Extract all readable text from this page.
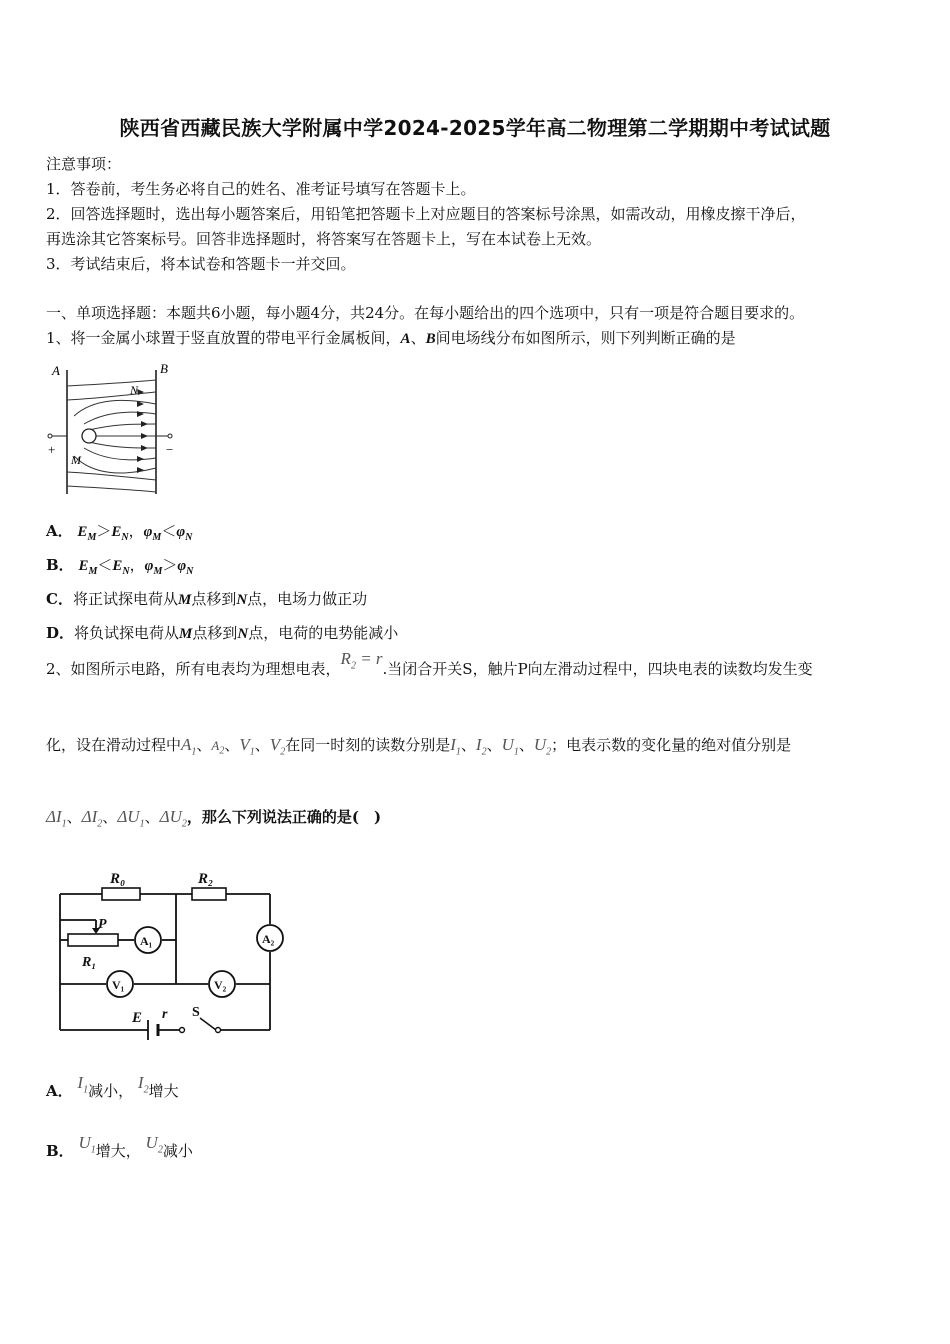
陕西省西藏民族大学附属中学2024-2025学年高二物理第二学期期中考试试题
注意事项：
1．答卷前，考生务必将自己的姓名、准考证号填写在答题卡上。
2．回答选择题时，选出每小题答案后，用铅笔把答题卡上对应题目的答案标号涂黑，如需改动，用橡皮擦干净后，
再选涂其它答案标号。回答非选择题时，将答案写在答题卡上，写在本试卷上无效。
3．考试结束后，将本试卷和答题卡一并交回。
一、单项选择题：本题共6小题，每小题4分，共24分。在每小题给出的四个选项中，只有一项是符合题目要求的。
1、将一金属小球置于竖直放置的带电平行金属板间，A、B间电场线分布如图所示，则下列判断正确的是
A	B
N
M
+	−
A． $E_M>E_N$，$\varphi_M<\varphi_N$
B． $E_M<E_N$，$\varphi_M>\varphi_N$
C．将正试探电荷从M点移到N点，电场力做正功
D．将负试探电荷从M点移到N点，电荷的电势能减小
2、如图所示电路，所有电表均为理想电表，$R_2 = r$.当闭合开关S，触片P向左滑动过程中，四块电表的读数均发生变
化，设在滑动过程中$A_1$、$A_2$、$V_1$、$V_2$在同一时刻的读数分别是$I_1$、$I_2$、$U_1$、$U_2$；电表示数的变化量的绝对值分别是
$\Delta I_1$、$\Delta I_2$、$\Delta U_1$、$\Delta U_2$，那么下列说法正确的是(　)
R₀	R₂
P
R₁
A₁	A₂
V₁	V₂
E r S
A． $I_1$减小， $I_2$增大
B． $U_1$增大， $U_2$减小
